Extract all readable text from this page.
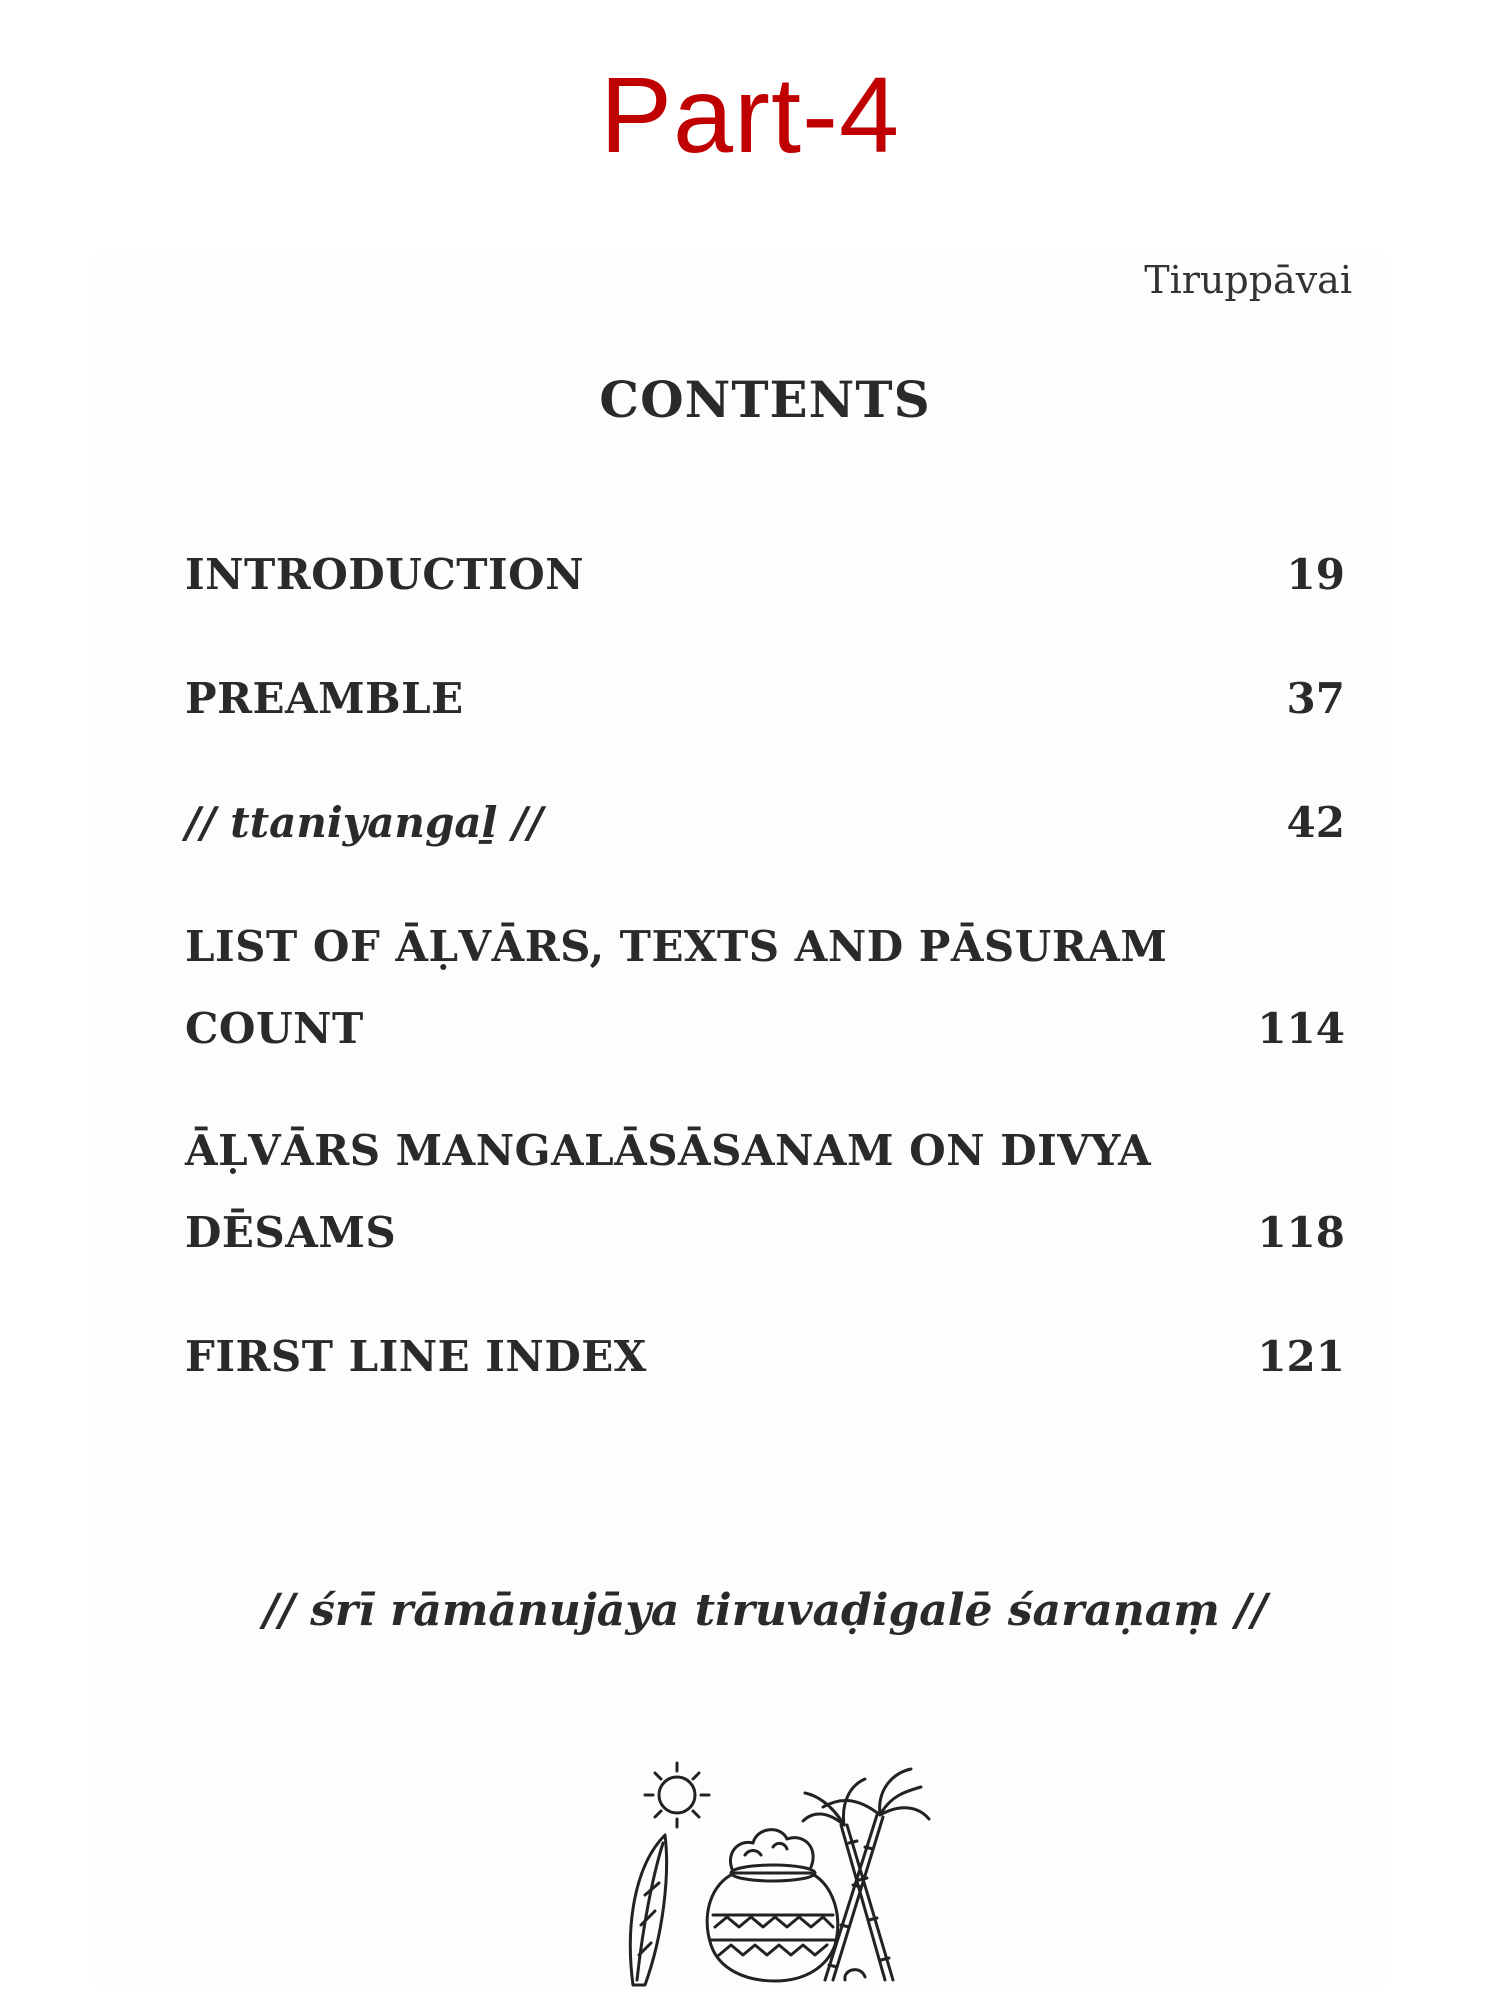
Part-4
Tiruppāvai
CONTENTS
INTRODUCTION	19
PREAMBLE	37
// ttaniyangaḻ //	42
LIST OF ĀḶVĀRS, TEXTS AND PĀSURAM
COUNT	114
ĀḶVĀRS MANGALĀSĀSANAM ON DIVYA
DĒSAMS	118
FIRST LINE INDEX	121
// śrī rāmānujāya tiruvaḍigalē śaraṇaṃ //
